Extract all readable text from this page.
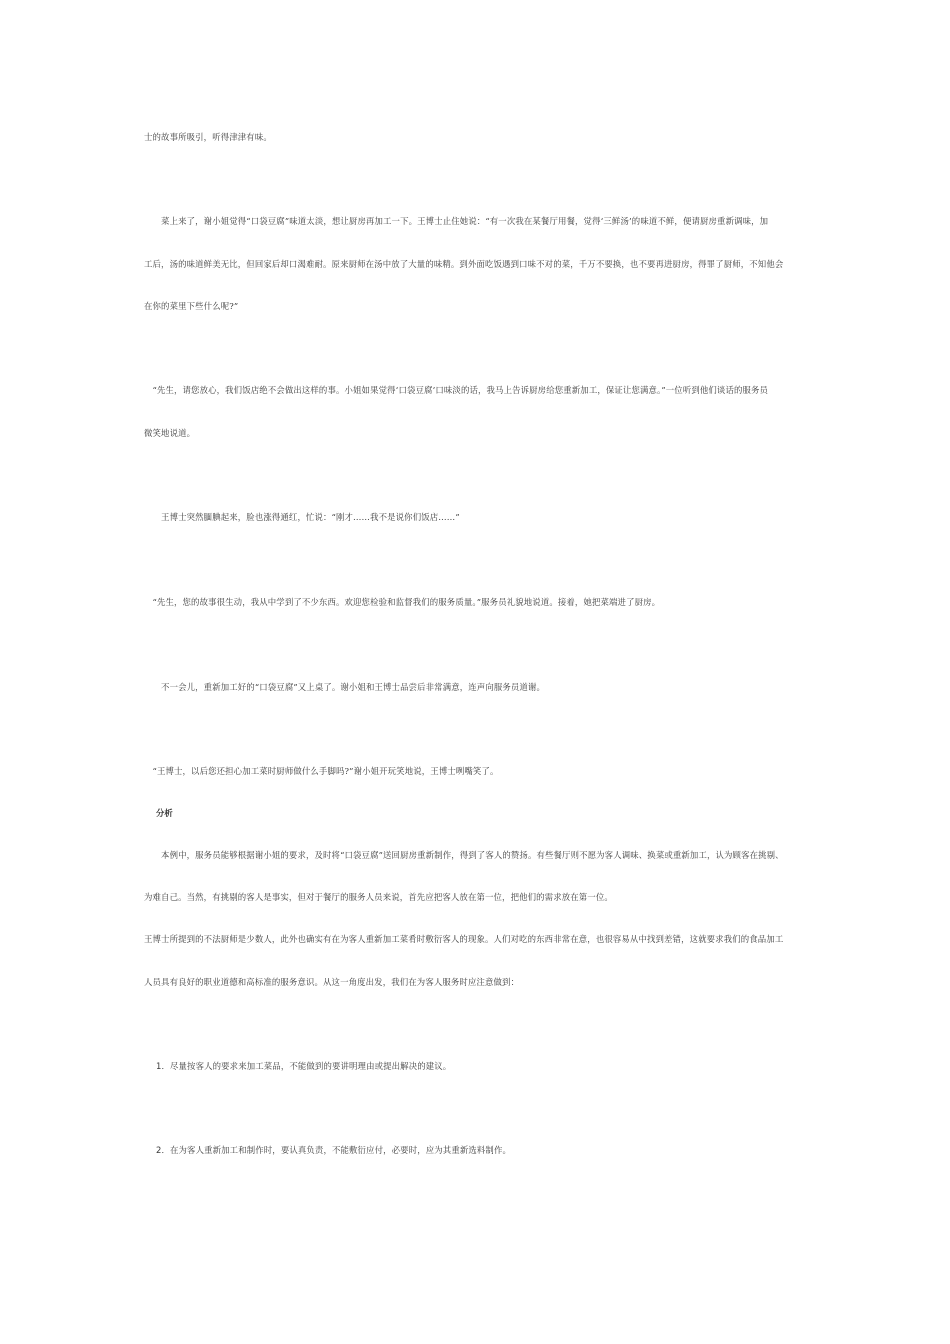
士的故事所吸引，听得津津有味。
　　菜上来了，谢小姐觉得“口袋豆腐”味道太淡，想让厨房再加工一下。王博士止住她说：“有一次我在某餐厅用餐，觉得‘三鲜汤’的味道不鲜，便请厨房重新调味，加
工后，汤的味道鲜美无比，但回家后却口渴难耐。原来厨师在汤中放了大量的味精。到外面吃饭遇到口味不对的菜，千万不要换，也不要再进厨房，得罪了厨师，不知他会
在你的菜里下些什么呢?”
　“先生，请您放心，我们饭店绝不会做出这样的事。小姐如果觉得‘口袋豆腐’口味淡的话，我马上告诉厨房给您重新加工，保证让您满意。”一位听到他们谈话的服务员
微笑地说道。
　　王博士突然腼腆起来，脸也涨得通红，忙说：“刚才……我不是说你们饭店……”
　“先生，您的故事很生动，我从中学到了不少东西。欢迎您检验和监督我们的服务质量。”服务员礼貌地说道。接着，她把菜端进了厨房。
　　不一会儿，重新加工好的“口袋豆腐”又上桌了。谢小姐和王博士品尝后非常满意，连声向服务员道谢。
　“王博士，以后您还担心加工菜时厨师做什么手脚吗?”谢小姐开玩笑地说，王博士咧嘴笑了。
分析
　　本例中，服务员能够根据谢小姐的要求，及时将“口袋豆腐”送回厨房重新制作，得到了客人的赞扬。有些餐厅则不愿为客人调味、换菜或重新加工，认为顾客在挑剔、
为难自己。当然，有挑剔的客人是事实，但对于餐厅的服务人员来说，首先应把客人放在第一位，把他们的需求放在第一位。
王博士所提到的不法厨师是少数人，此外也确实有在为客人重新加工菜肴时敷衍客人的现象。人们对吃的东西非常在意，也很容易从中找到差错，这就要求我们的食品加工
人员具有良好的职业道德和高标准的服务意识。从这一角度出发，我们在为客人服务时应注意做到：
1．尽量按客人的要求来加工菜品，不能做到的要讲明理由或提出解决的建议。
2．在为客人重新加工和制作时，要认真负责，不能敷衍应付，必要时，应为其重新选料制作。
